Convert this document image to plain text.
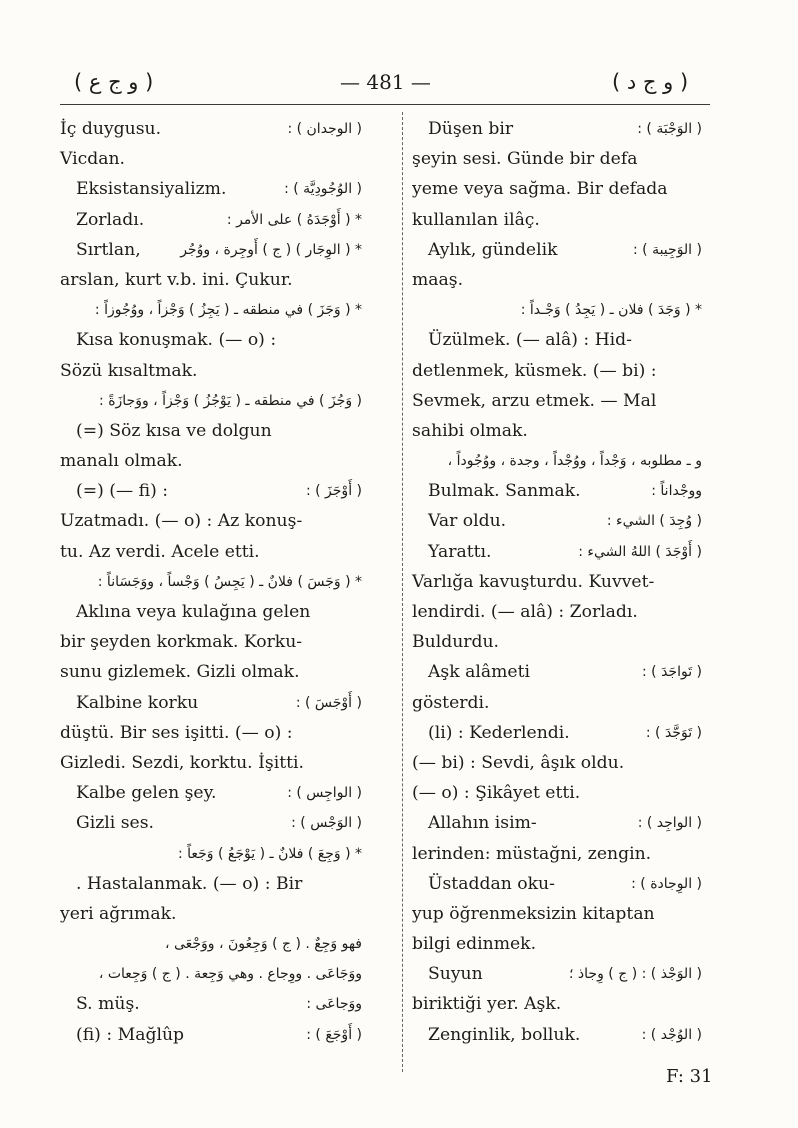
( و ج ع )	— 481 —	( و ج د )
İç duygusu.	( الوجدان ) :
Vicdan.
Eksistansiyalizm.	( الوُجُودِيَّة ) :
Zorladı.	* ( أَوْجَدَهُ ) على الأمر :
Sırtlan,	* ( الوِجَار ) ( ج ) أَوجِرة ، ووُجُر
arslan, kurt v.b. ini. Çukur.
* ( وَجَزَ ) في منطقه ـ ( يَجِزُ ) وَجْزاً ، ووُجُوزاً :
Kısa konuşmak. (— o) :
Sözü kısaltmak.
( وَجُزَ ) في منطقه ـ ( يَوْجُزُ ) وَجْزاً ، ووَجازَةً :
(=) Söz kısa ve dolgun
manalı olmak.
(=) (— fi) :	( أَوْجَزَ ) :
Uzatmadı. (— o) : Az konuş-
tu. Az verdi. Acele etti.
* ( وَجَسَ ) فلانٌ ـ ( يَجِسُ ) وَجْساً ، ووَجَسَاناً :
Aklına veya kulağına gelen
bir şeyden korkmak. Korku-
sunu gizlemek. Gizli olmak.
Kalbine korku	( أَوْجَسَ ) :
düştü. Bir ses işitti. (— o) :
Gizledi. Sezdi, korktu. İşitti.
Kalbe gelen şey.	( الواجِس ) :
Gizli ses.	( الوَجْس ) :
* ( وَجِعَ ) فلانٌ ـ ( يَوْجَعُ ) وَجَعاً :
. Hastalanmak. (— o) : Bir
yeri ağrımak.
فهو وَجِعٌ . ( ج ) وَجِعُونَ ، ووَجْعَى ،
ووَجَاعَى . ووِجاع . وهي وَجِعة . ( ج ) وَجِعات ،
S. müş.	ووَجاعَى :
(fi) : Mağlûp	( أَوْجَعَ ) :
Düşen bir	( الوَجْبَة ) :
şeyin sesi. Günde bir defa
yeme veya sağma. Bir defada
kullanılan ilâç.
Aylık, gündelik	( الوَجِيبة ) :
maaş.
* ( وَجَدَ ) فلان ـ ( يَجِدُ ) وَجْـداً :
Üzülmek. (— alâ) : Hid-
detlenmek, küsmek. (— bi) :
Sevmek, arzu etmek. — Mal
sahibi olmak.
و ـ مطلوبه ، وَجْداً ، ووُجْداً ، وجدة ، ووُجُوداً ،
Bulmak. Sanmak.	ووجْداناً :
Var oldu.	( وُجِدَ ) الشيء :
Yarattı.	( أَوْجَدَ ) اللهُ الشيء :
Varlığa kavuşturdu. Kuvvet-
lendirdi. (— alâ) : Zorladı.
Buldurdu.
Aşk alâmeti	( تَواجَدَ ) :
gösterdi.
(li) : Kederlendi.	( تَوَجَّدَ ) :
(— bi) : Sevdi, âşık oldu.
(— o) : Şikâyet etti.
Allahın isim-	( الواجِد ) :
lerinden: müstağni, zengin.
Üstaddan oku-	( الوِجادة ) :
yup öğrenmeksizin kitaptan
bilgi edinmek.
Suyun	( الوَجْذ ) : ( ج ) وِجاذ ؛
biriktiği yer. Aşk.
Zenginlik, bolluk.	( الوُجْد ) :
F: 31
